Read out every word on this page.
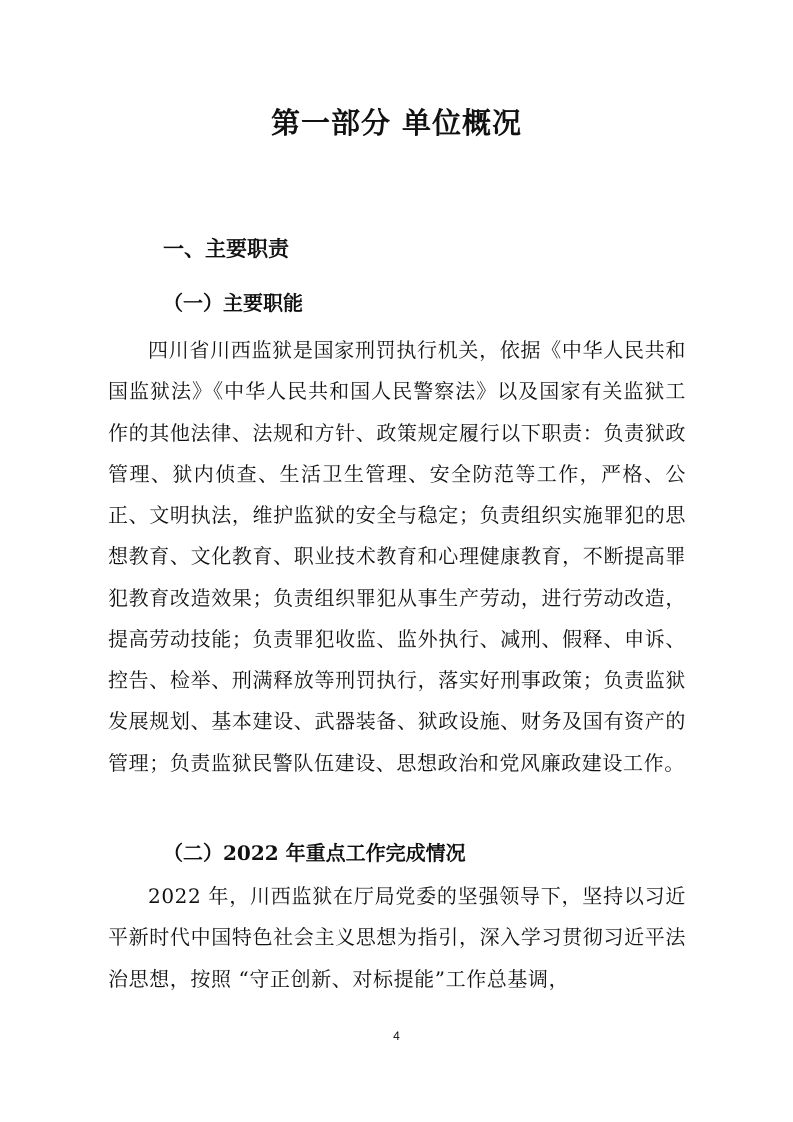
第一部分 单位概况
一、主要职责
（一）主要职能

四川省川西监狱是国家刑罚执行机关，依据《中华人民共和国监狱法》《中华人民共和国人民警察法》以及国家有关监狱工作的其他法律、法规和方针、政策规定履行以下职责：负责狱政管理、狱内侦查、生活卫生管理、安全防范等工作，严格、公正、文明执法，维护监狱的安全与稳定；负责组织实施罪犯的思想教育、文化教育、职业技术教育和心理健康教育，不断提高罪犯教育改造效果；负责组织罪犯从事生产劳动，进行劳动改造，提高劳动技能；负责罪犯收监、监外执行、减刑、假释、申诉、控告、检举、刑满释放等刑罚执行，落实好刑事政策；负责监狱发展规划、基本建设、武器装备、狱政设施、财务及国有资产的管理；负责监狱民警队伍建设、思想政治和党风廉政建设工作。

（二）2022 年重点工作完成情况

2022 年，川西监狱在厅局党委的坚强领导下，坚持以习近平新时代中国特色社会主义思想为指引，深入学习贯彻习近平法治思想，按照 “守正创新、对标提能”工作总基调，

4
